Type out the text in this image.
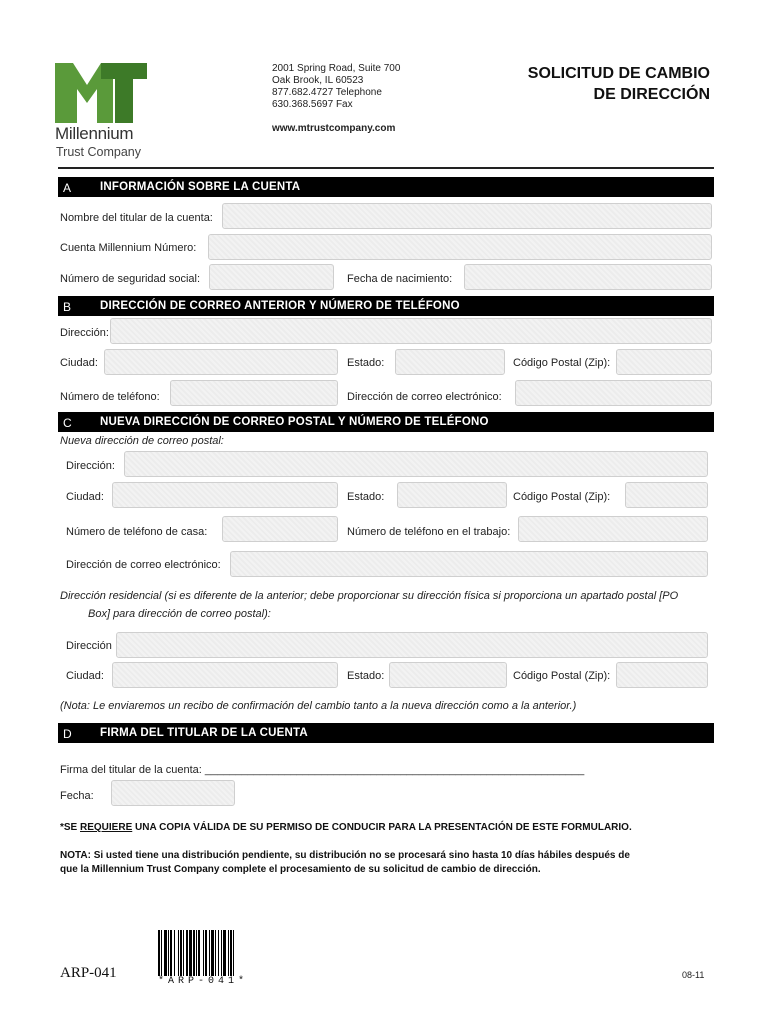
Millennium
Trust Company
2001 Spring Road, Suite 700
Oak Brook, IL 60523
877.682.4727 Telephone
630.368.5697 Fax
www.mtrustcompany.com
SOLICITUD DE CAMBIO
DE DIRECCIÓN
A	INFORMACIÓN SOBRE LA CUENTA
Nombre del titular de la cuenta:
Cuenta Millennium Número:
Número de seguridad social:	Fecha de nacimiento:
B	DIRECCIÓN DE CORREO ANTERIOR Y NÚMERO DE TELÉFONO
Dirección:
Ciudad:	Estado:	Código Postal (Zip):
Número de teléfono:	Dirección de correo electrónico:
C NUEVA DIRECCIÓN DE CORREO POSTAL Y NÚMERO DE TELÉFONO
Nueva dirección de correo postal:
Dirección:
Ciudad:	Estado:	Código Postal (Zip):
Número de teléfono de casa:	Número de teléfono en el trabajo:
Dirección de correo electrónico:
Dirección residencial (si es diferente de la anterior; debe proporcionar su dirección física si proporciona un apartado postal [PO
Box] para dirección de correo postal):
Dirección
Ciudad:	Estado:	Código Postal (Zip):
(Nota: Le enviaremos un recibo de confirmación del cambio tanto a la nueva dirección como a la anterior.)
D FIRMA DEL TITULAR DE LA CUENTA
Firma del titular de la cuenta: ______________________________________________________________
Fecha:
*SE REQUIERE UNA COPIA VÁLIDA DE SU PERMISO DE CONDUCIR PARA LA PRESENTACIÓN DE ESTE FORMULARIO.
NOTA: Si usted tiene una distribución pendiente, su distribución no se procesará sino hasta 10 días hábiles después de
que la Millennium Trust Company complete el procesamiento de su solicitud de cambio de dirección.
ARP-041
*ARP-041*
08-11
